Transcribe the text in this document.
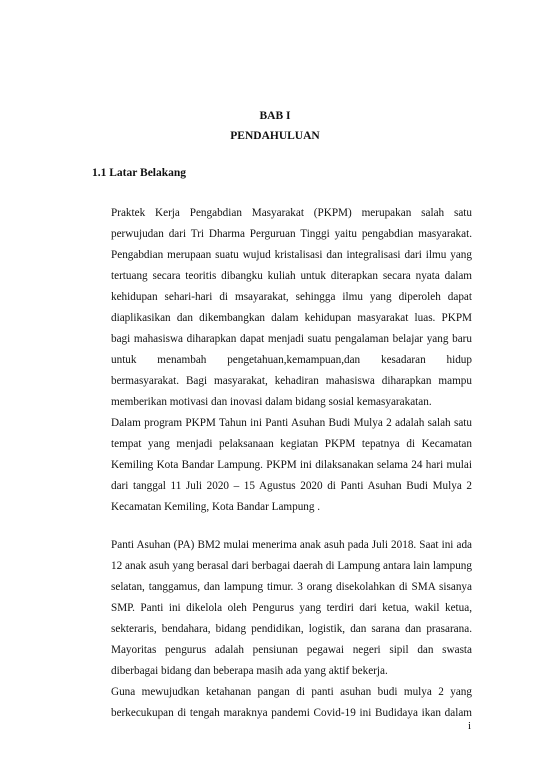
BAB I
PENDAHULUAN
1.1 Latar Belakang
Praktek Kerja Pengabdian Masyarakat (PKPM) merupakan salah satu
perwujudan dari Tri Dharma Perguruan Tinggi yaitu pengabdian masyarakat.
Pengabdian merupaan suatu wujud kristalisasi dan integralisasi dari ilmu yang
tertuang secara teoritis dibangku kuliah untuk diterapkan secara nyata dalam
kehidupan sehari-hari di msayarakat, sehingga ilmu yang diperoleh dapat
diaplikasikan dan dikembangkan dalam kehidupan masyarakat luas. PKPM
bagi mahasiswa diharapkan dapat menjadi suatu pengalaman belajar yang baru
untuk menambah pengetahuan,kemampuan,dan kesadaran hidup
bermasyarakat. Bagi masyarakat, kehadiran mahasiswa diharapkan mampu
memberikan motivasi dan inovasi dalam bidang sosial kemasyarakatan.
Dalam program PKPM Tahun ini Panti Asuhan Budi Mulya 2 adalah salah satu
tempat yang menjadi pelaksanaan kegiatan PKPM tepatnya di Kecamatan
Kemiling Kota Bandar Lampung. PKPM ini dilaksanakan selama 24 hari mulai
dari tanggal 11 Juli 2020 – 15 Agustus 2020 di Panti Asuhan Budi Mulya 2
Kecamatan Kemiling, Kota Bandar Lampung .
Panti Asuhan (PA) BM2 mulai menerima anak asuh pada Juli 2018. Saat ini ada
12 anak asuh yang berasal dari berbagai daerah di Lampung antara lain lampung
selatan, tanggamus, dan lampung timur. 3 orang disekolahkan di SMA sisanya
SMP. Panti ini dikelola oleh Pengurus yang terdiri dari ketua, wakil ketua,
sekteraris, bendahara, bidang pendidikan, logistik, dan sarana dan prasarana.
Mayoritas pengurus adalah pensiunan pegawai negeri sipil dan swasta
diberbagai bidang dan beberapa masih ada yang aktif bekerja.
Guna mewujudkan ketahanan pangan di panti asuhan budi mulya 2 yang
berkecukupan di tengah maraknya pandemi Covid-19 ini Budidaya ikan dalam
i
